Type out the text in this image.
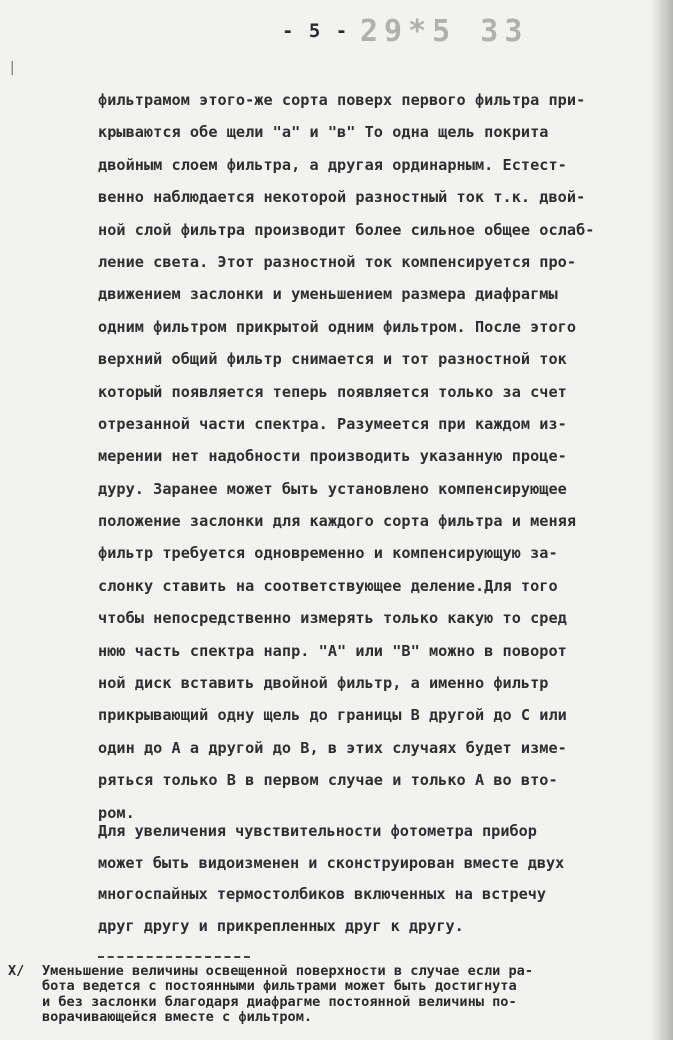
- 5 - 29*5 33
|
фильтрамом этого-же сорта поверх первого фильтра при-
крываются обе щели "а" и "в" То одна щель покрита
двойным слоем фильтра, а другая ординарным. Естест-
венно наблюдается некоторой разностный ток т.к. двой-
ной слой фильтра производит более сильное общее ослаб-
ление света. Этот разностной ток компенсируется про-
движением заслонки и уменьшением размера диафрагмы
одним фильтром прикрытой одним фильтром. После этого
верхний общий фильтр снимается и тот разностной ток
который появляется теперь появляется только за счет
отрезанной части спектра. Разумеется при каждом из-
мерении нет надобности производить указанную проце-
дуру. Заранее может быть установлено компенсирующее
положение заслонки для каждого сорта фильтра и меняя
фильтр требуется одновременно и компенсирующую за-
слонку ставить на соответствующее деление.Для того
чтобы непосредственно измерять только какую то сред
нюю часть спектра напр. "А" или "В" можно в поворот
ной диск вставить двойной фильтр, а именно фильтр
прикрывающий одну щель до границы В другой до С или
один до А а другой до В, в этих случаях будет изме-
ряться только В в первом случае и только А во вто-
ром.
Для увеличения чувствительности фотометра прибор
может быть видоизменен и сконструирован вместе двух
многоспайных термостолбиков включенных на встречу
друг другу и прикрепленных друг к другу.
Х/ Уменьшение величины освещенной поверхности в случае если ра-
бота ведется с постоянными фильтрами может быть достигнута
и без заслонки благодаря диафрагме постоянной величины по-
ворачивающейся вместе с фильтром.
